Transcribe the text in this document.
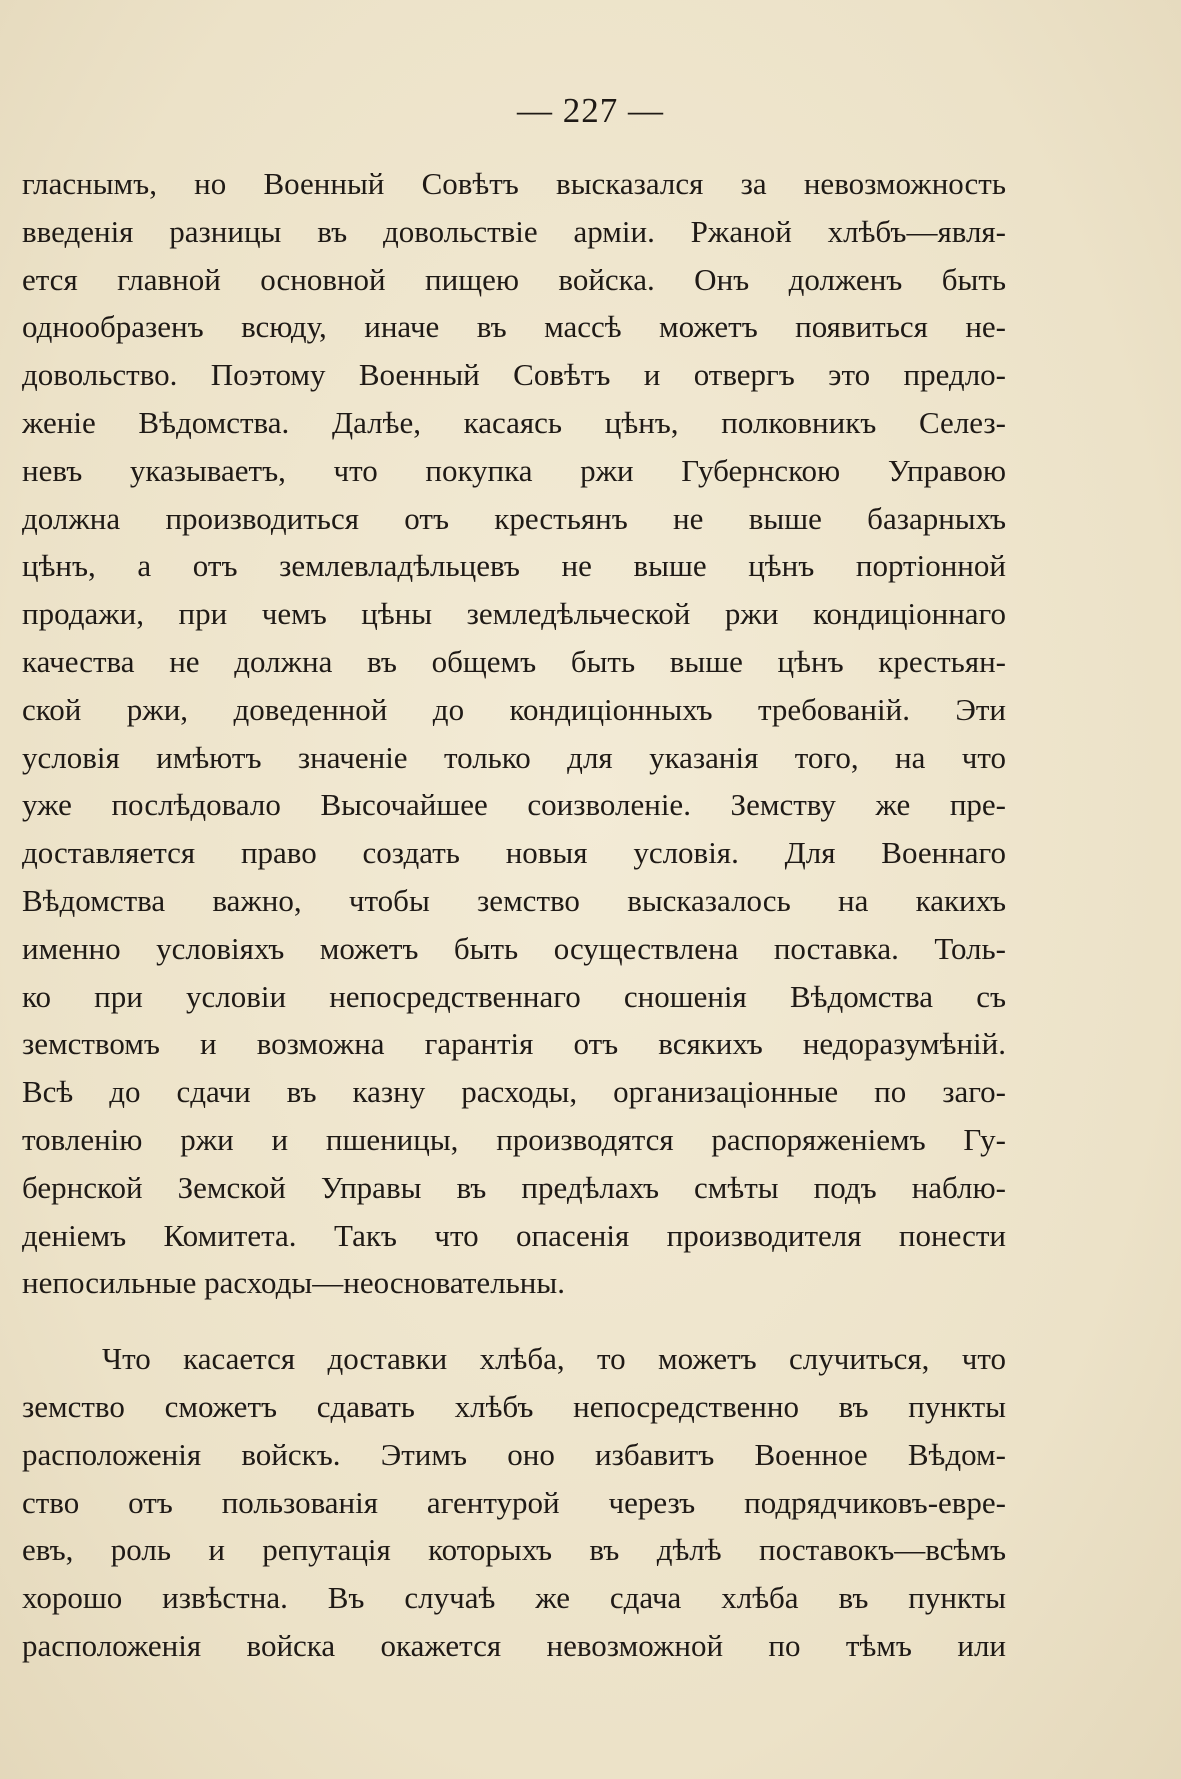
— 227 —
гласнымъ, но Военный Совѣтъ высказался за невозможность
введенія разницы въ довольствіе арміи. Ржаной хлѣбъ—явля-
ется главной основной пищею войска. Онъ долженъ быть
однообразенъ всюду, иначе въ массѣ можетъ появиться не-
довольство. Поэтому Военный Совѣтъ и отвергъ это предло-
женіе Вѣдомства. Далѣе, касаясь цѣнъ, полковникъ Селез-
невъ указываетъ, что покупка ржи Губернскою Управою
должна производиться отъ крестьянъ не выше базарныхъ
цѣнъ, а отъ землевладѣльцевъ не выше цѣнъ портіонной
продажи, при чемъ цѣны земледѣльческой ржи кондиціоннаго
качества не должна въ общемъ быть выше цѣнъ крестьян-
ской ржи, доведенной до кондиціонныхъ требованій. Эти
условія имѣютъ значеніе только для указанія того, на что
уже послѣдовало Высочайшее соизволеніе. Земству же пре-
доставляется право создать новыя условія. Для Военнаго
Вѣдомства важно, чтобы земство высказалось на какихъ
именно условіяхъ можетъ быть осуществлена поставка. Толь-
ко при условіи непосредственнаго сношенія Вѣдомства съ
земствомъ и возможна гарантія отъ всякихъ недоразумѣній.
Всѣ до сдачи въ казну расходы, организаціонные по заго-
товленію ржи и пшеницы, производятся распоряженіемъ Гу-
бернской Земской Управы въ предѣлахъ смѣты подъ наблю-
деніемъ Комитета. Такъ что опасенія производителя понести
непосильные расходы—неосновательны.
Что касается доставки хлѣба, то можетъ случиться, что
земство сможетъ сдавать хлѣбъ непосредственно въ пункты
расположенія войскъ. Этимъ оно избавитъ Военное Вѣдом-
ство отъ пользованія агентурой черезъ подрядчиковъ-евре-
евъ, роль и репутація которыхъ въ дѣлѣ поставокъ—всѣмъ
хорошо извѣстна. Въ случаѣ же сдача хлѣба въ пункты
расположенія войска окажется невозможной по тѣмъ или
